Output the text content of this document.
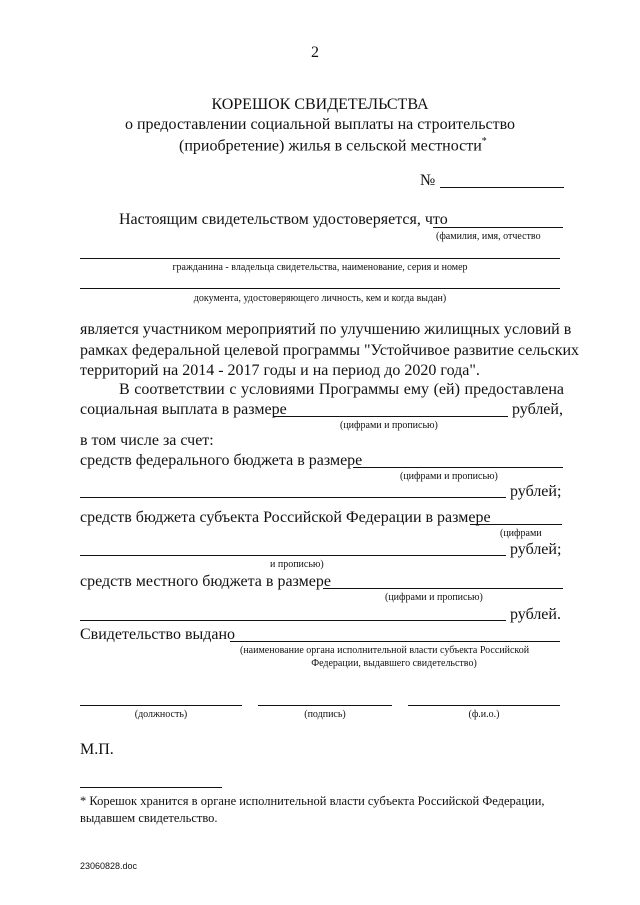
2
КОРЕШОК СВИДЕТЕЛЬСТВА
о предоставлении социальной выплаты на строительство
(приобретение) жилья в сельской местности*
№
Настоящим свидетельством удостоверяется, что
(фамилия, имя, отчество
гражданина - владельца свидетельства, наименование, серия и номер
документа, удостоверяющего личность, кем и когда выдан)
является участником мероприятий по улучшению жилищных условий в
рамках федеральной целевой программы "Устойчивое развитие сельских
территорий на 2014 - 2017 годы и на период до 2020 года".
В соответствии с условиями Программы ему (ей) предоставлена
социальная выплата в размере	рублей,
(цифрами и прописью)
в том числе за счет:
средств федерального бюджета в размере
(цифрами и прописью)
рублей;
средств бюджета субъекта Российской Федерации в размере
(цифрами
рублей;
и прописью)
средств местного бюджета в размере
(цифрами и прописью)
рублей.
Свидетельство выдано
(наименование органа исполнительной власти субъекта Российской
Федерации, выдавшего свидетельство)
(должность)	(подпись)	(ф.и.о.)
М.П.
* Корешок хранится в органе исполнительной власти субъекта Российской Федерации,
выдавшем свидетельство.
23060828.doc
